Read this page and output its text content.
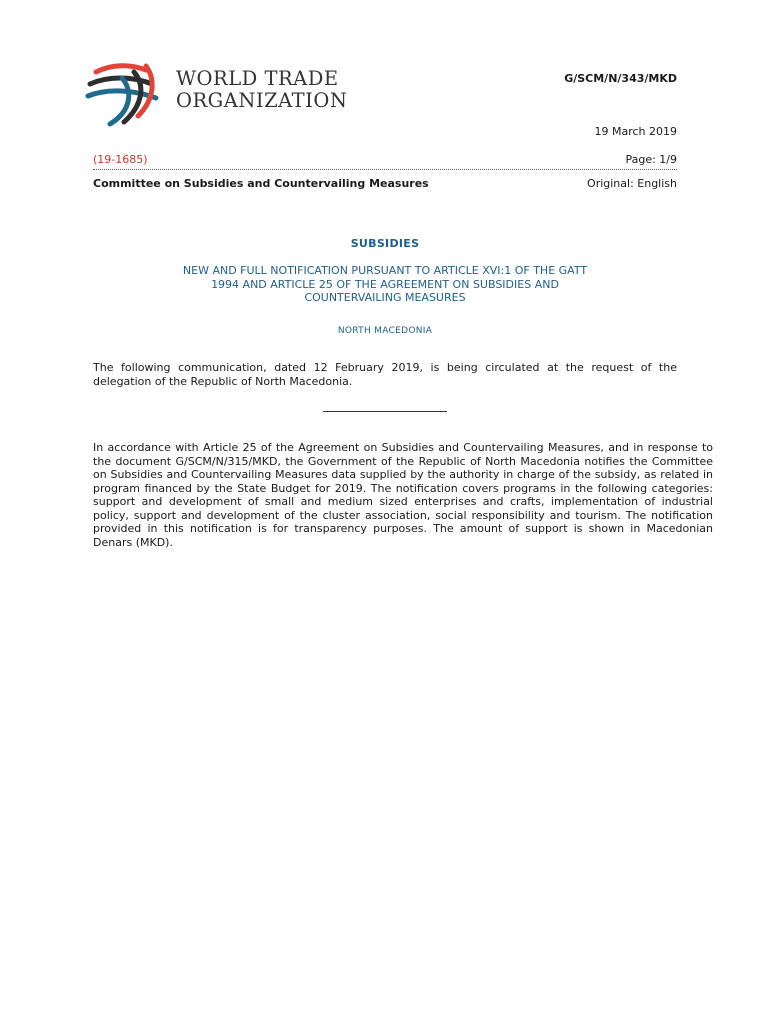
WORLD TRADE
ORGANIZATION
G/SCM/N/343/MKD
19 March 2019
(19-1685)	Page: 1/9
Committee on Subsidies and Countervailing Measures	Original: English
SUBSIDIES
NEW AND FULL NOTIFICATION PURSUANT TO ARTICLE XVI:1 OF THE GATT 1994 AND ARTICLE 25 OF THE AGREEMENT ON SUBSIDIES AND COUNTERVAILING MEASURES
NORTH MACEDONIA
The following communication, dated 12 February 2019, is being circulated at the request of the delegation of the Republic of North Macedonia.
In accordance with Article 25 of the Agreement on Subsidies and Countervailing Measures, and in response to the document G/SCM/N/315/MKD, the Government of the Republic of North Macedonia notifies the Committee on Subsidies and Countervailing Measures data supplied by the authority in charge of the subsidy, as related in program financed by the State Budget for 2019. The notification covers programs in the following categories: support and development of small and medium sized enterprises and crafts, implementation of industrial policy, support and development of the cluster association, social responsibility and tourism. The notification provided in this notification is for transparency purposes. The amount of support is shown in Macedonian Denars (MKD).
